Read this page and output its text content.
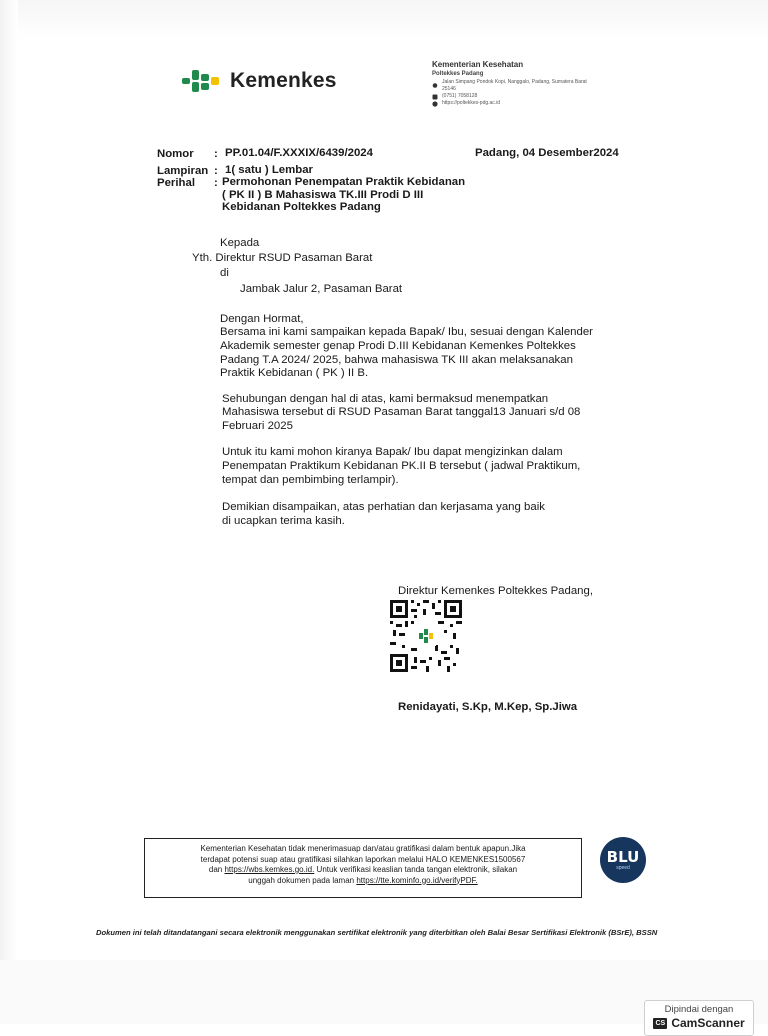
Kemenkes
Kementerian Kesehatan
Poltekkes Padang
Jalan Simpang Pondok Kopi, Nanggalo, Padang, Sumatera Barat 25146
(0751) 7058128
https://poltekkes-pdg.ac.id
Nomor : PP.01.04/F.XXXIX/6439/2024	Padang, 04 Desember2024
Lampiran : 1( satu ) Lembar
Perihal : Permohonan Penempatan Praktik Kebidanan
( PK II ) B Mahasiswa TK.III Prodi D III
Kebidanan Poltekkes Padang
Kepada
Yth. Direktur RSUD Pasaman Barat
di
Jambak Jalur 2, Pasaman Barat
Dengan Hormat,
Bersama ini kami sampaikan kepada Bapak/ Ibu, sesuai dengan Kalender
Akademik semester genap Prodi D.III Kebidanan Kemenkes Poltekkes
Padang T.A 2024/ 2025, bahwa mahasiswa TK III akan melaksanakan
Praktik Kebidanan ( PK ) II B.
Sehubungan dengan hal di atas, kami bermaksud menempatkan
Mahasiswa tersebut di RSUD Pasaman Barat tanggal13 Januari s/d 08
Februari 2025
Untuk itu kami mohon kiranya Bapak/ Ibu dapat mengizinkan dalam
Penempatan Praktikum Kebidanan PK.II B tersebut ( jadwal Praktikum,
tempat dan pembimbing terlampir).
Demikian disampaikan, atas perhatian dan kerjasama yang baik
di ucapkan terima kasih.
Direktur Kemenkes Poltekkes Padang,
Renidayati, S.Kp, M.Kep, Sp.Jiwa

Kementerian Kesehatan tidak menerimasuap dan/atau gratifikasi dalam bentuk apapun.Jika

terdapat potensi suap atau gratifikasi silahkan laporkan melalui HALO KEMENKES1500567

dan https://wbs.kemkes.go.id. Untuk verifikasi keaslian tanda tangan elektronik, silakan

unggah dokumen pada laman https://tte.kominfo.go.id/verifyPDF.

BLU
speed
Dokumen ini telah ditandatangani secara elektronik menggunakan sertifikat elektronik yang diterbitkan oleh Balai Besar Sertifikasi Elektronik (BSrE), BSSN
Dipindai dengan
CS CamScanner
